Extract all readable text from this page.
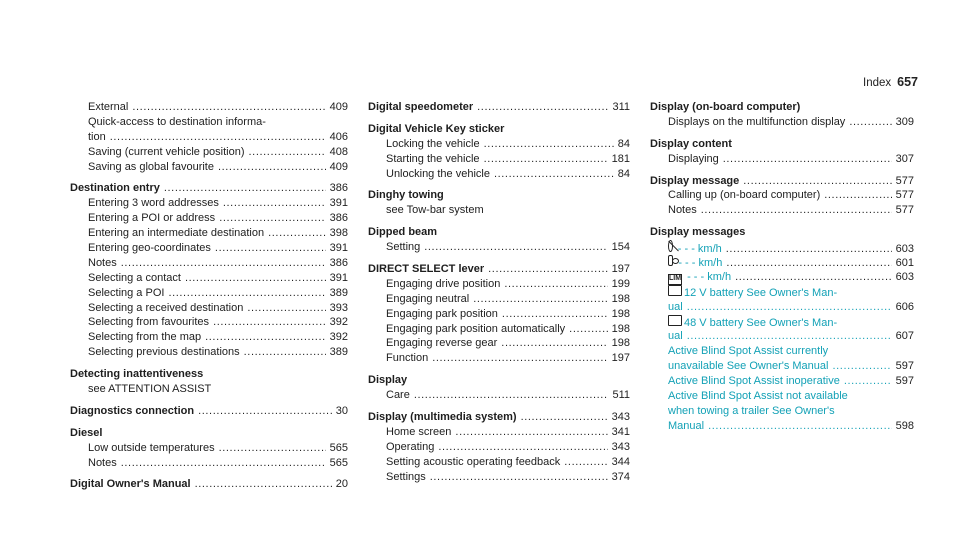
Index 657
External .....	409
Quick-access to destination informa-
tion .....	406
Saving (current vehicle position) .....	408
Saving as global favourite .....	409
Destination entry .....	386
Entering 3 word addresses .....	391
Entering a POI or address .....	386
Entering an intermediate destination .....	398
Entering geo-coordinates .....	391
Notes .....	386
Selecting a contact .....	391
Selecting a POI .....	389
Selecting a received destination .....	393
Selecting from favourites .....	392
Selecting from the map .....	392
Selecting previous destinations .....	389
Detecting inattentiveness
see ATTENTION ASSIST
Diagnostics connection .....	30
Diesel
Low outside temperatures .....	565
Notes .....	565
Digital Owner's Manual .....	20
Digital speedometer .....	311
Digital Vehicle Key sticker
Locking the vehicle .....	84
Starting the vehicle .....	181
Unlocking the vehicle .....	84
Dinghy towing
see Tow-bar system
Dipped beam
Setting .....	154
DIRECT SELECT lever .....	197
Engaging drive position .....	199
Engaging neutral .....	198
Engaging park position .....	198
Engaging park position automatically .....	198
Engaging reverse gear .....	198
Function .....	197
Display
Care .....	511
Display (multimedia system) .....	343
Home screen .....	341
Operating .....	343
Setting acoustic operating feedback .....	344
Settings .....	374
Display (on-board computer)
Displays on the multifunction display .....	309
Display content
Displaying .....	307
Display message .....	577
Calling up (on-board computer) .....	577
Notes .....	577
Display messages
- - - km/h .....	603
- - - km/h .....	601
LIM - - - km/h .....	603
12 V battery See Owner's Man-
ual .....	606
48 V battery See Owner's Man-
ual .....	607
Active Blind Spot Assist currently
unavailable See Owner's Manual .....	597
Active Blind Spot Assist inoperative .....	597
Active Blind Spot Assist not available
when towing a trailer See Owner's
Manual .....	598
